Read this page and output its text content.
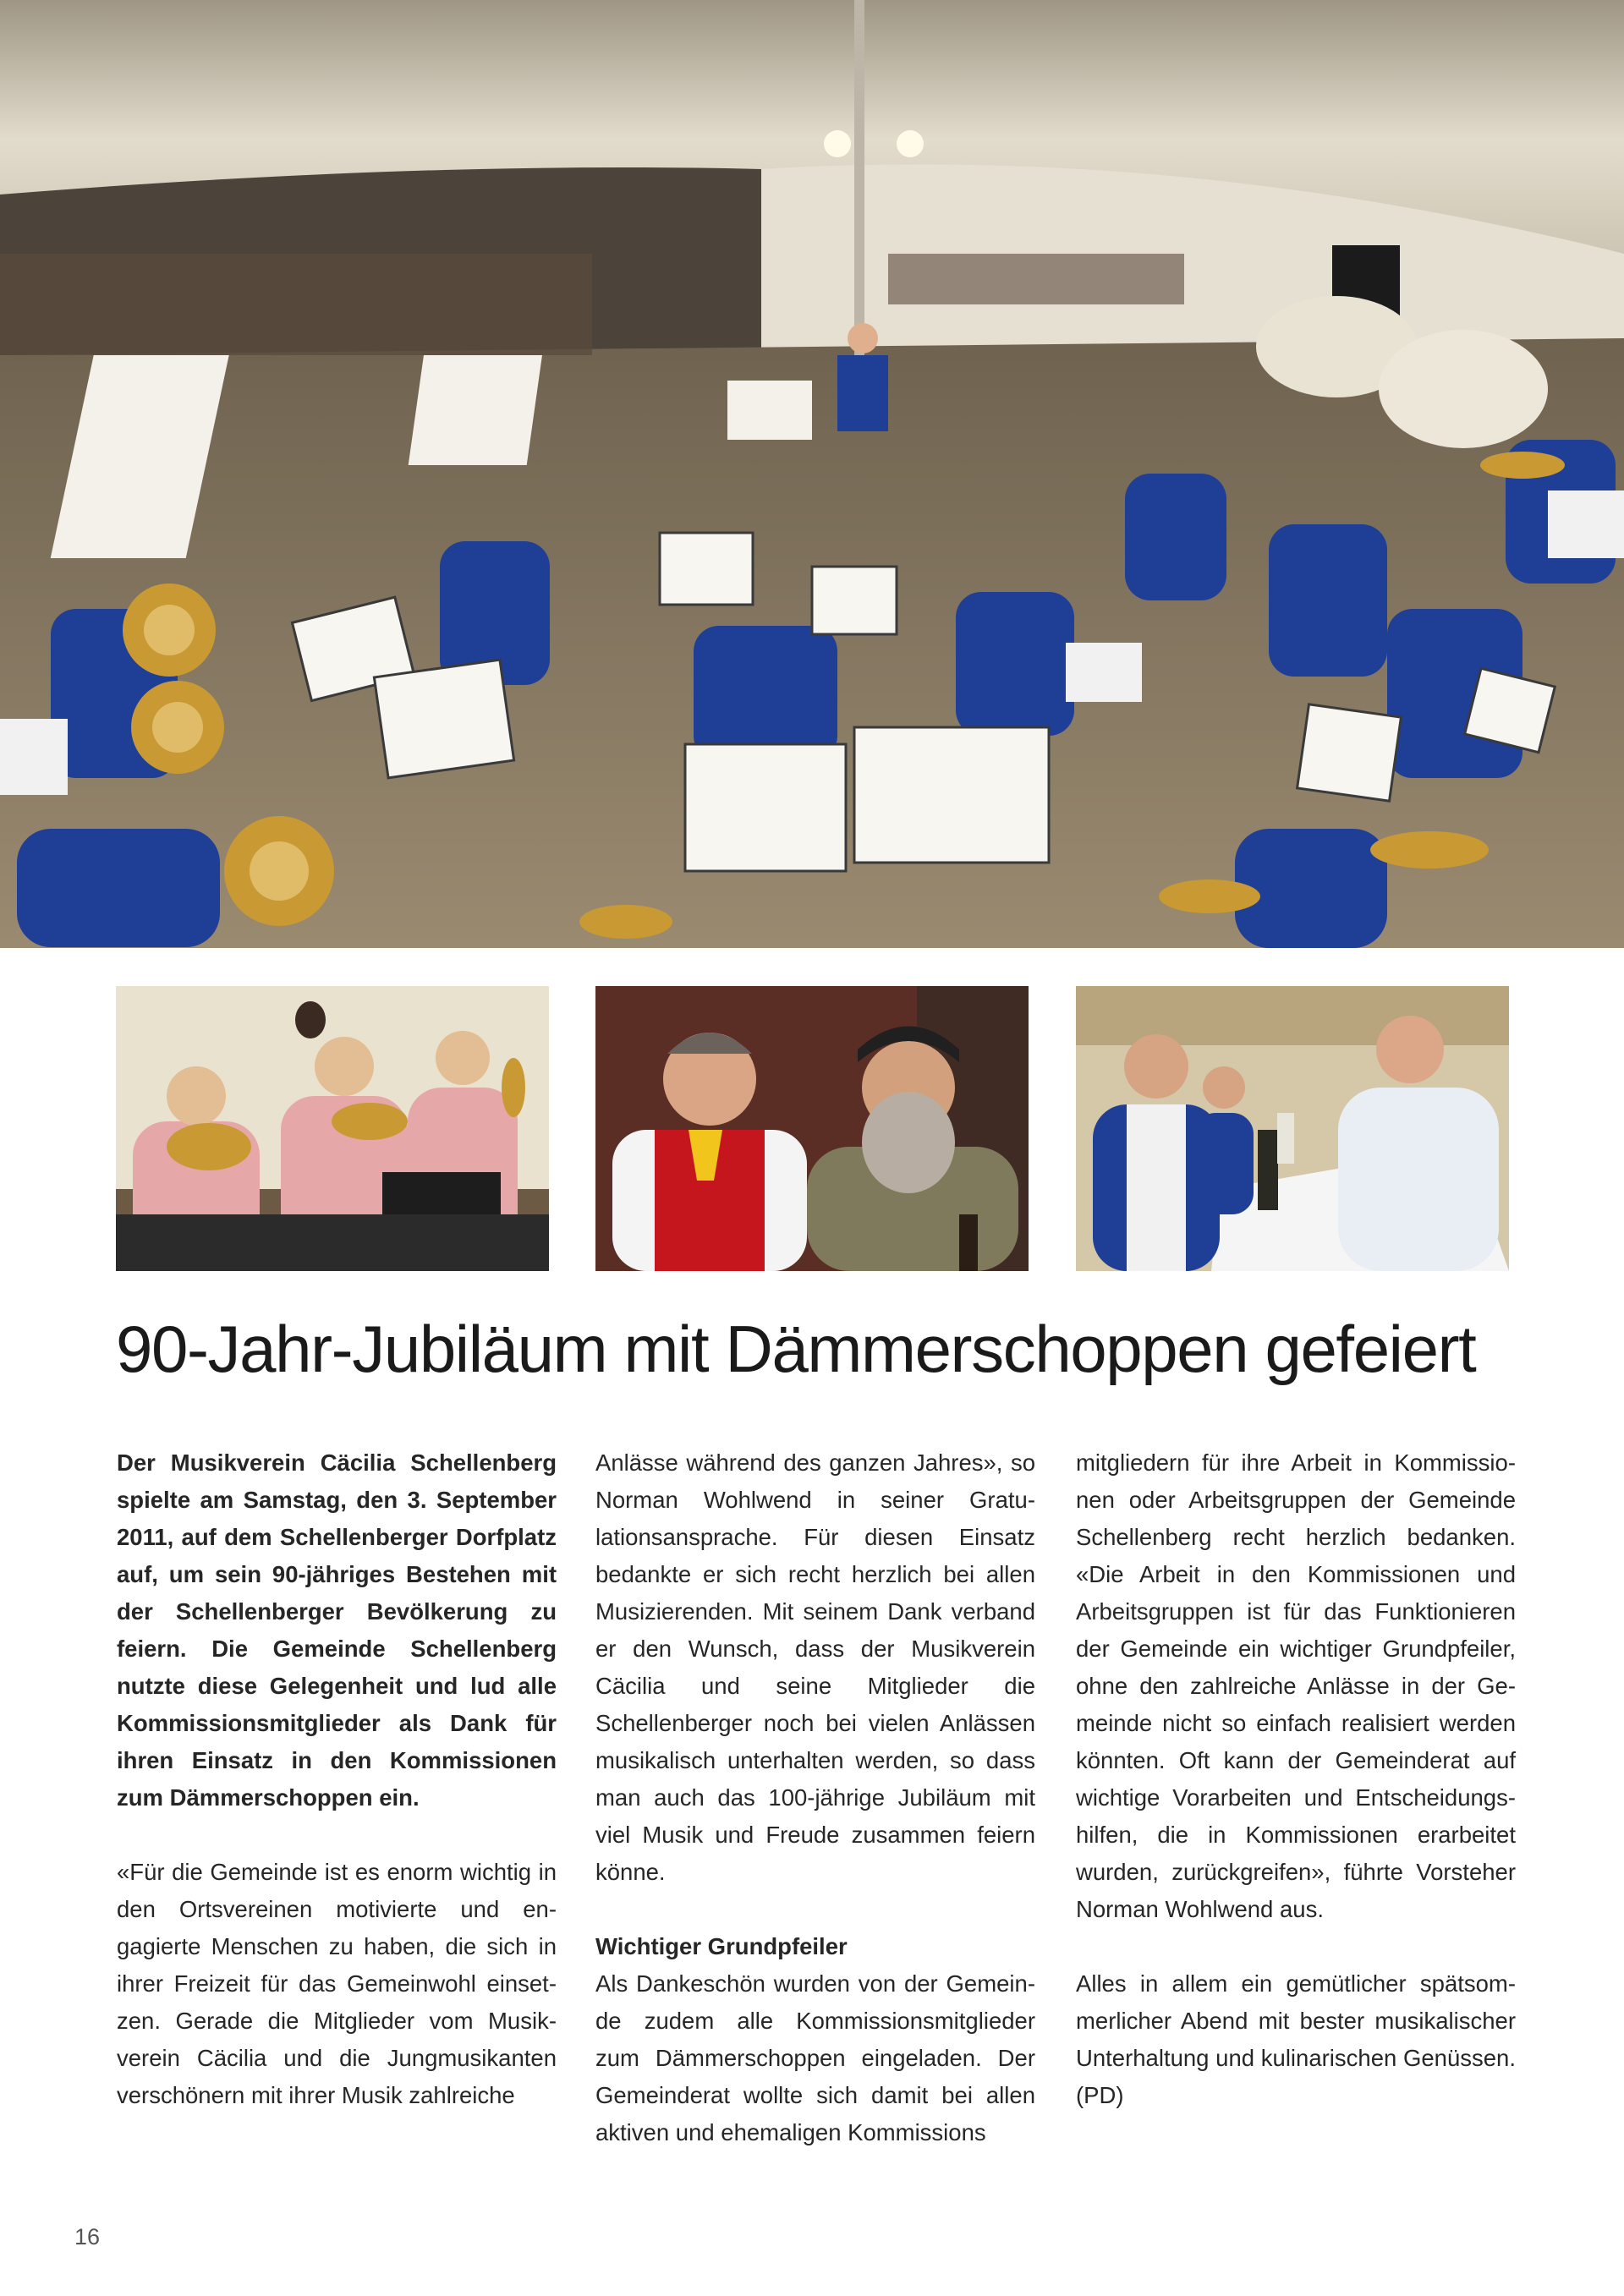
90-Jahr-Jubiläum mit Dämmerschoppen gefeiert

Der Musikverein Cäcilia Schellenberg spielte am Samstag, den 3. September 2011, auf dem Schellenberger Dorfplatz auf, um sein 90-jähriges Bestehen mit der Schellenberger Bevölkerung zu feiern. Die Gemeinde Schellenberg nutzte diese Gelegenheit und lud alle Kommissionsmitglieder als Dank für ihren Einsatz in den Kommissionen zum Dämmerschoppen ein.

«Für die Gemeinde ist es enorm wichtig in den Ortsvereinen motivierte und engagierte Menschen zu haben, die sich in ihrer Freizeit für das Gemeinwohl einsetzen. Gerade die Mitglieder vom Musikverein Cäcilia und die Jungmusikanten verschönern mit ihrer Musik zahlreiche

Anlässe während des ganzen Jahres», so Norman Wohlwend in seiner Gratulationsansprache. Für diesen Einsatz bedankte er sich recht herzlich bei allen Musizierenden. Mit seinem Dank verband er den Wunsch, dass der Musikverein Cäcilia und seine Mitglieder die Schellenberger noch bei vielen Anlässen musikalisch unterhalten werden, so dass man auch das 100-jährige Jubiläum mit viel Musik und Freude zusammen feiern könne.

Wichtiger Grundpfeiler

Als Dankeschön wurden von der Gemeinde zudem alle Kommissionsmitglieder zum Dämmerschoppen eingeladen. Der Gemeinderat wollte sich damit bei allen aktiven und ehemaligen Kommissions

mitgliedern für ihre Arbeit in Kommissionen oder Arbeitsgruppen der Gemeinde Schellenberg recht herzlich bedanken. «Die Arbeit in den Kommissionen und Arbeitsgruppen ist für das Funktionieren der Gemeinde ein wichtiger Grundpfeiler, ohne den zahlreiche Anlässe in der Gemeinde nicht so einfach realisiert werden könnten. Oft kann der Gemeinderat auf wichtige Vorarbeiten und Entscheidungshilfen, die in Kommissionen erarbeitet wurden, zurückgreifen», führte Vorsteher Norman Wohlwend aus.

Alles in allem ein gemütlicher spätsommerlicher Abend mit bester musikalischer Unterhaltung und kulinarischen Genüssen. (PD)

16
